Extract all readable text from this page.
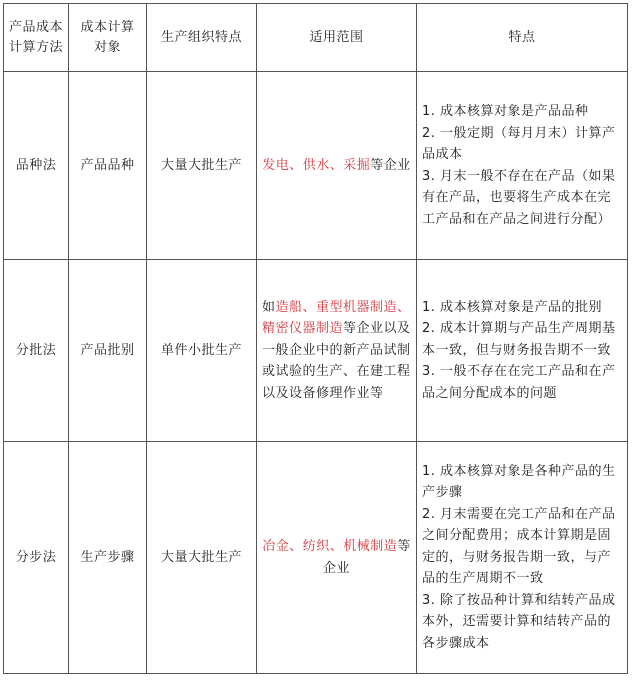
产品成本计算方法	成本计算对象	生产组织特点	适用范围	特点
品种法	产品品种	大量大批生产	发电、供水、采掘等企业	1. 成本核算对象是产品品种
2. 一般定期（每月月末）计算产品成本
3. 月末一般不存在在产品（如果有在产品，也要将生产成本在完工产品和在产品之间进行分配）

分批法	产品批别	单件小批生产	如造船、重型机器制造、精密仪器制造等企业以及一般企业中的新产品试制或试验的生产、在建工程以及设备修理作业等	1. 成本核算对象是产品的批别
2. 成本计算期与产品生产周期基本一致，但与财务报告期不一致
3. 一般不存在在完工产品和在产品之间分配成本的问题

分步法	生产步骤	大量大批生产	冶金、纺织、机械制造等企业	1. 成本核算对象是各种产品的生产步骤
2. 月末需要在完工产品和在产品之间分配费用；成本计算期是固定的，与财务报告期一致，与产品的生产周期不一致
3. 除了按品种计算和结转产品成本外，还需要计算和结转产品的各步骤成本
